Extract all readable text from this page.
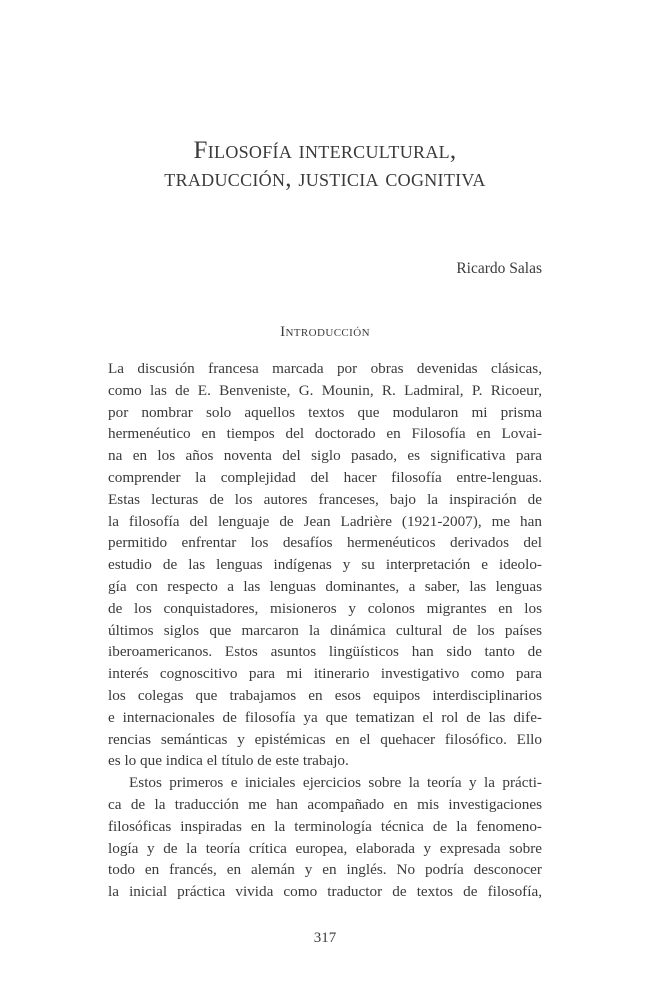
Filosofía intercultural,
traducción, justicia cognitiva
Ricardo Salas
Introducción
La discusión francesa marcada por obras devenidas clásicas,
como las de E. Benveniste, G. Mounin, R. Ladmiral, P. Ricoeur,
por nombrar solo aquellos textos que modularon mi prisma
hermenéutico en tiempos del doctorado en Filosofía en Lovai-
na en los años noventa del siglo pasado, es significativa para
comprender la complejidad del hacer filosofía entre-lenguas.
Estas lecturas de los autores franceses, bajo la inspiración de
la filosofía del lenguaje de Jean Ladrière (1921-2007), me han
permitido enfrentar los desafíos hermenéuticos derivados del
estudio de las lenguas indígenas y su interpretación e ideolo-
gía con respecto a las lenguas dominantes, a saber, las lenguas
de los conquistadores, misioneros y colonos migrantes en los
últimos siglos que marcaron la dinámica cultural de los países
iberoamericanos. Estos asuntos lingüísticos han sido tanto de
interés cognoscitivo para mi itinerario investigativo como para
los colegas que trabajamos en esos equipos interdisciplinarios
e internacionales de filosofía ya que tematizan el rol de las dife-
rencias semánticas y epistémicas en el quehacer filosófico. Ello
es lo que indica el título de este trabajo.
Estos primeros e iniciales ejercicios sobre la teoría y la prácti-
ca de la traducción me han acompañado en mis investigaciones
filosóficas inspiradas en la terminología técnica de la fenomeno-
logía y de la teoría crítica europea, elaborada y expresada sobre
todo en francés, en alemán y en inglés. No podría desconocer
la inicial práctica vivida como traductor de textos de filosofía,
317
